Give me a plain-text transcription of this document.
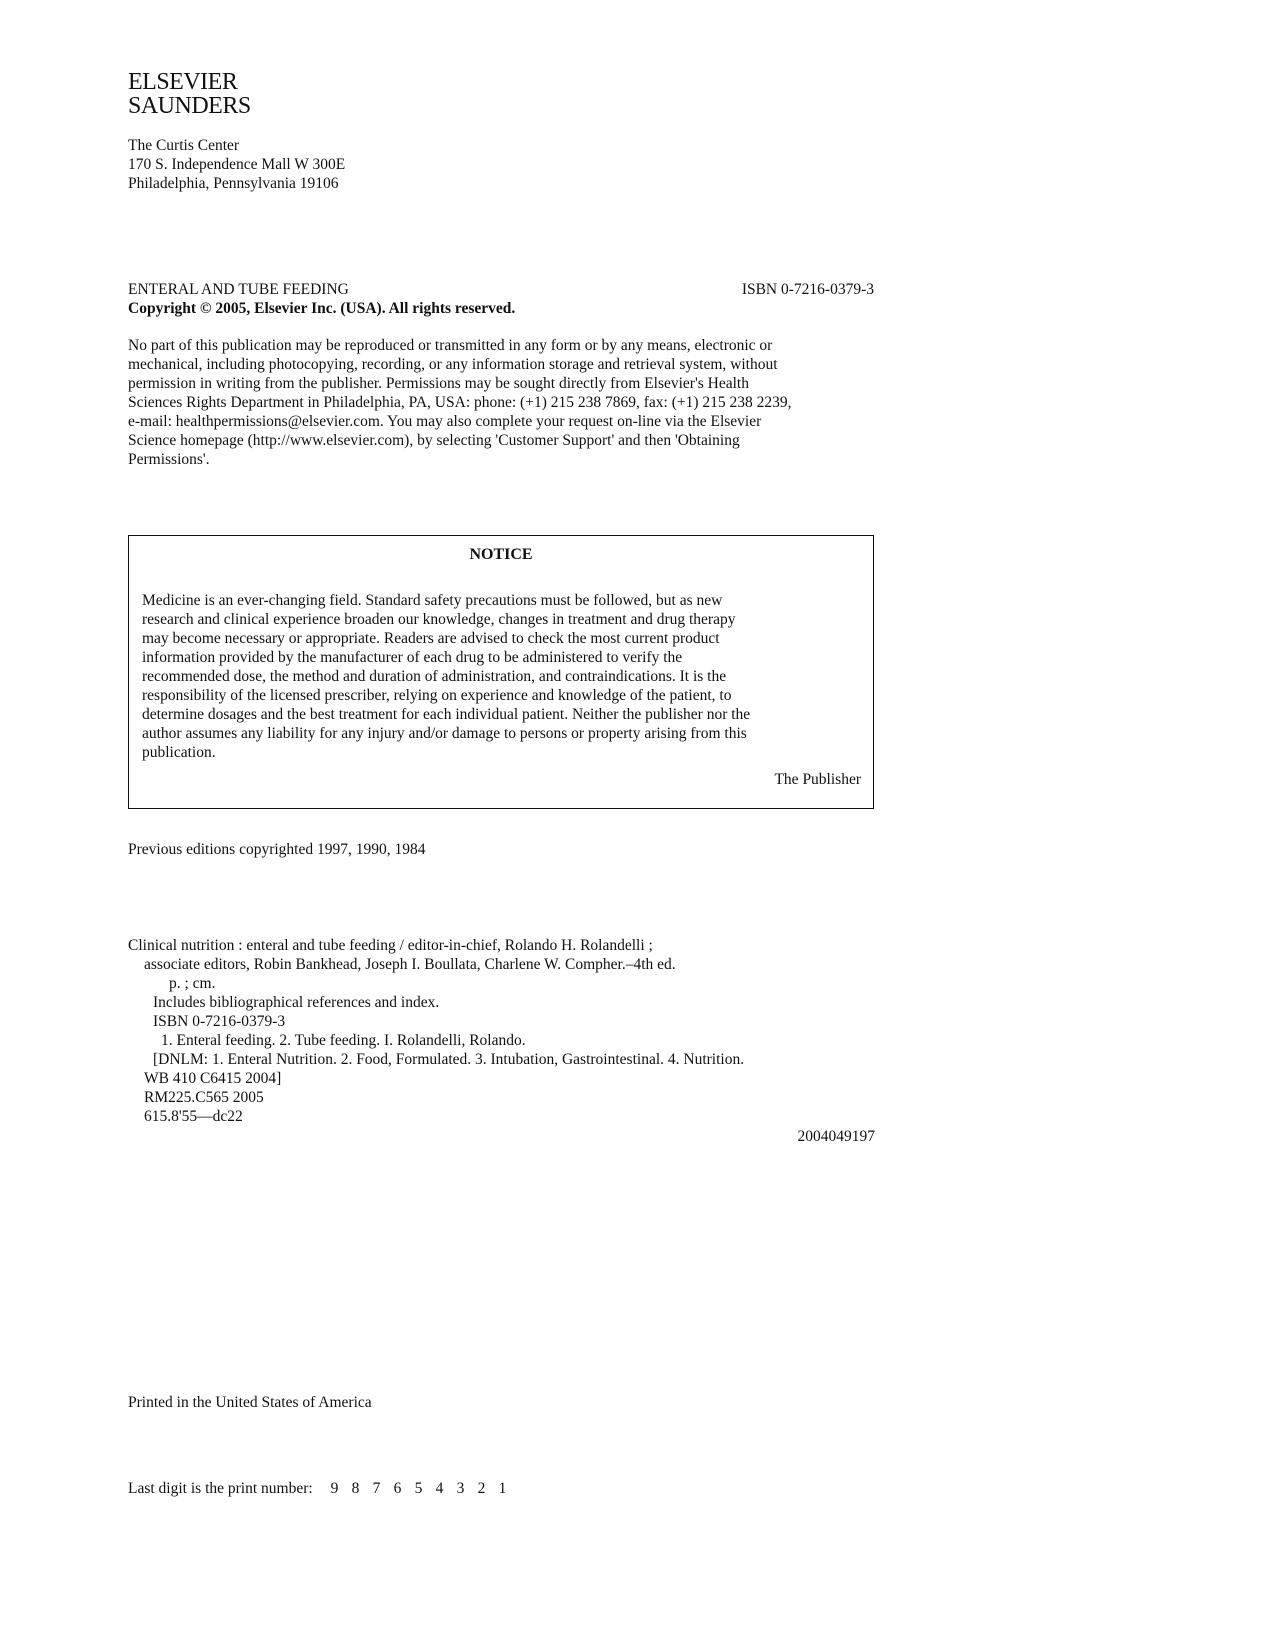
ELSEVIER
SAUNDERS
The Curtis Center
170 S. Independence Mall W 300E
Philadelphia, Pennsylvania 19106
ENTERAL AND TUBE FEEDING	ISBN 0-7216-0379-3
Copyright © 2005, Elsevier Inc. (USA). All rights reserved.
No part of this publication may be reproduced or transmitted in any form or by any means, electronic or
mechanical, including photocopying, recording, or any information storage and retrieval system, without
permission in writing from the publisher. Permissions may be sought directly from Elsevier's Health
Sciences Rights Department in Philadelphia, PA, USA: phone: (+1) 215 238 7869, fax: (+1) 215 238 2239,
e-mail: healthpermissions@elsevier.com. You may also complete your request on-line via the Elsevier
Science homepage (http://www.elsevier.com), by selecting 'Customer Support' and then 'Obtaining
Permissions'.
NOTICE
Medicine is an ever-changing field. Standard safety precautions must be followed, but as new
research and clinical experience broaden our knowledge, changes in treatment and drug therapy
may become necessary or appropriate. Readers are advised to check the most current product
information provided by the manufacturer of each drug to be administered to verify the
recommended dose, the method and duration of administration, and contraindications. It is the
responsibility of the licensed prescriber, relying on experience and knowledge of the patient, to
determine dosages and the best treatment for each individual patient. Neither the publisher nor the
author assumes any liability for any injury and/or damage to persons or property arising from this
publication.
The Publisher
Previous editions copyrighted 1997, 1990, 1984
Clinical nutrition : enteral and tube feeding / editor-in-chief, Rolando H. Rolandelli ;
associate editors, Robin Bankhead, Joseph I. Boullata, Charlene W. Compher.–4th ed.
p. ; cm.
Includes bibliographical references and index.
ISBN 0-7216-0379-3
1. Enteral feeding. 2. Tube feeding. I. Rolandelli, Rolando.
[DNLM: 1. Enteral Nutrition. 2. Food, Formulated. 3. Intubation, Gastrointestinal. 4. Nutrition.
WB 410 C6415 2004]
RM225.C565 2005
615.8'55—dc22
2004049197
Printed in the United States of America
Last digit is the print number: 9 8 7 6 5 4 3 2 1
